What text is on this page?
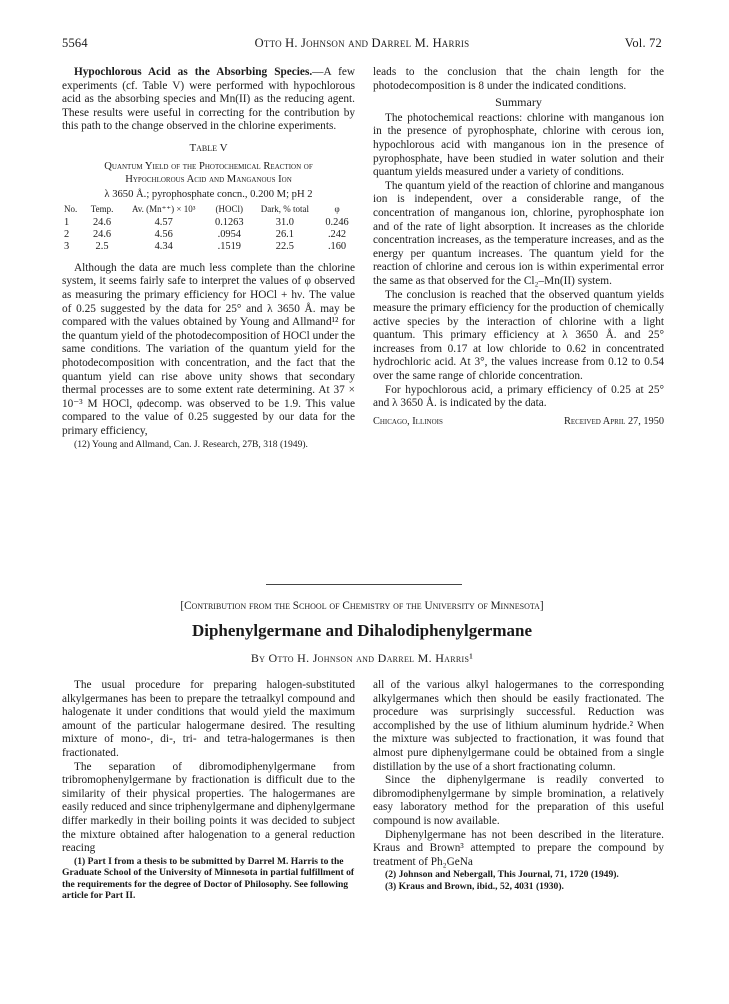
5564	Otto H. Johnson and Darrel M. Harris	Vol. 72

Hypochlorous Acid as the Absorbing Species.—A few experiments (cf. Table V) were performed with hypochlorous acid as the absorbing species and Mn(II) as the reducing agent. These results were useful in correcting for the contribution by this path to the change observed in the chlorine experiments.

Table V
Quantum Yield of the Photochemical Reaction of
Hypochlorous Acid and Manganous Ion
λ 3650 Å.; pyrophosphate concn., 0.200 M; pH 2
No.	Temp.	Av. (Mn⁺⁺) × 10³	(HOCl)	Dark, % total	φ
1	24.6	4.57	0.1263	31.0	0.246
2	24.6	4.56	.0954	26.1	.242
3	2.5	4.34	.1519	22.5	.160

Although the data are much less complete than the chlorine system, it seems fairly safe to interpret the values of φ observed as measuring the primary efficiency for HOCl + hν. The value of 0.25 suggested by the data for 25° and λ 3650 Å. may be compared with the values obtained by Young and Allmand¹² for the quantum yield of the photodecomposition of HOCl under the same conditions. The variation of the quantum yield for the photodecomposition with concentration, and the fact that the quantum yield can rise above unity shows that secondary thermal processes are to some extent rate determining. At 37 × 10⁻³ M HOCl, φdecomp. was observed to be 1.9. This value compared to the value of 0.25 suggested by our data for the primary efficiency,

(12) Young and Allmand, Can. J. Research, 27B, 318 (1949).

leads to the conclusion that the chain length for the photodecomposition is 8 under the indicated conditions.

Summary

The photochemical reactions: chlorine with manganous ion in the presence of pyrophosphate, chlorine with cerous ion, hypochlorous acid with manganous ion in the presence of pyrophosphate, have been studied in water solution and their quantum yields measured under a variety of conditions.

The quantum yield of the reaction of chlorine and manganous ion is independent, over a considerable range, of the concentration of manganous ion, chlorine, pyrophosphate ion and of the rate of light absorption. It increases as the chloride concentration increases, as the temperature increases, and as the energy per quantum increases. The quantum yield for the reaction of chlorine and cerous ion is within experimental error the same as that observed for the Cl₂–Mn(II) system.

The conclusion is reached that the observed quantum yields measure the primary efficiency for the production of chemically active species by the interaction of chlorine with a light quantum. This primary efficiency at λ 3650 Å. and 25° increases from 0.17 at low chloride to 0.62 in concentrated hydrochloric acid. At 3°, the values increase from 0.12 to 0.54 over the same range of chloride concentration.

For hypochlorous acid, a primary efficiency of 0.25 at 25° and λ 3650 Å. is indicated by the data.

Chicago, Illinois	Received April 27, 1950
[Contribution from the School of Chemistry of the University of Minnesota]
Diphenylgermane and Dihalodiphenylgermane
By Otto H. Johnson and Darrel M. Harris¹

The usual procedure for preparing halogen-substituted alkylgermanes has been to prepare the tetraalkyl compound and halogenate it under conditions that would yield the maximum amount of the particular halogermane desired. The resulting mixture of mono-, di-, tri- and tetra-halogermanes is then fractionated.

The separation of dibromodiphenylgermane from tribromophenylgermane by fractionation is difficult due to the similarity of their physical properties. The halogermanes are easily reduced and since triphenylgermane and diphenylgermane differ markedly in their boiling points it was decided to subject the mixture obtained after halogenation to a general reduction reacing

(1) Part I from a thesis to be submitted by Darrel M. Harris to the Graduate School of the University of Minnesota in partial fulfillment of the requirements for the degree of Doctor of Philosophy. See following article for Part II.

all of the various alkyl halogermanes to the corresponding alkylgermanes which then should be easily fractionated. The procedure was surprisingly successful. Reduction was accomplished by the use of lithium aluminum hydride.² When the mixture was subjected to fractionation, it was found that almost pure diphenylgermane could be obtained from a single distillation by the use of a short fractionating column.

Since the diphenylgermane is readily converted to dibromodiphenylgermane by simple bromination, a relatively easy laboratory method for the preparation of this useful compound is now available.

Diphenylgermane has not been described in the literature. Kraus and Brown³ attempted to prepare the compound by treatment of Ph₂GeNa

(2) Johnson and Nebergall, This Journal, 71, 1720 (1949).

(3) Kraus and Brown, ibid., 52, 4031 (1930).
